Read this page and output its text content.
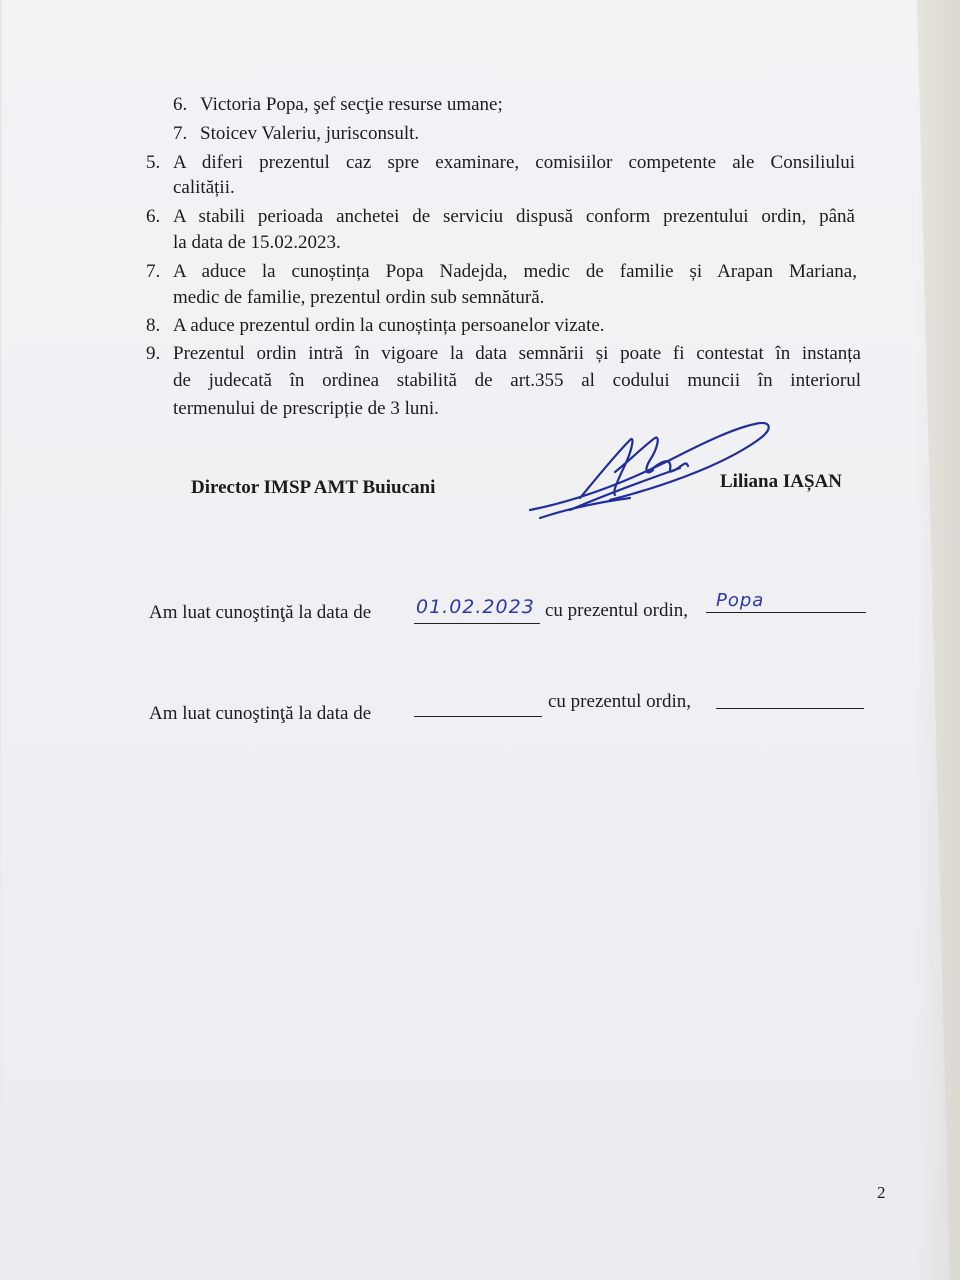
6. Victoria Popa, şef secţie resurse umane;
7. Stoicev Valeriu, jurisconsult.
5. A diferi prezentul caz spre examinare, comisiilor competente ale Consiliului
calității.
6. A stabili perioada anchetei de serviciu dispusă conform prezentului ordin, până
la data de 15.02.2023.
7. A aduce la cunoștința Popa Nadejda, medic de familie și Arapan Mariana,
medic de familie, prezentul ordin sub semnătură.
8. A aduce prezentul ordin la cunoștința persoanelor vizate.
9. Prezentul ordin intră în vigoare la data semnării și poate fi contestat în instanța
de judecată în ordinea stabilită de art.355 al codului muncii în interiorul
termenului de prescripție de 3 luni.
Director IMSP AMT Buiucani	Liliana IAȘAN
Am luat cunoştinţă la data de 01.02.2023 cu prezentul ordin, Popa
Am luat cunoştinţă la data de
cu prezentul ordin,
2
